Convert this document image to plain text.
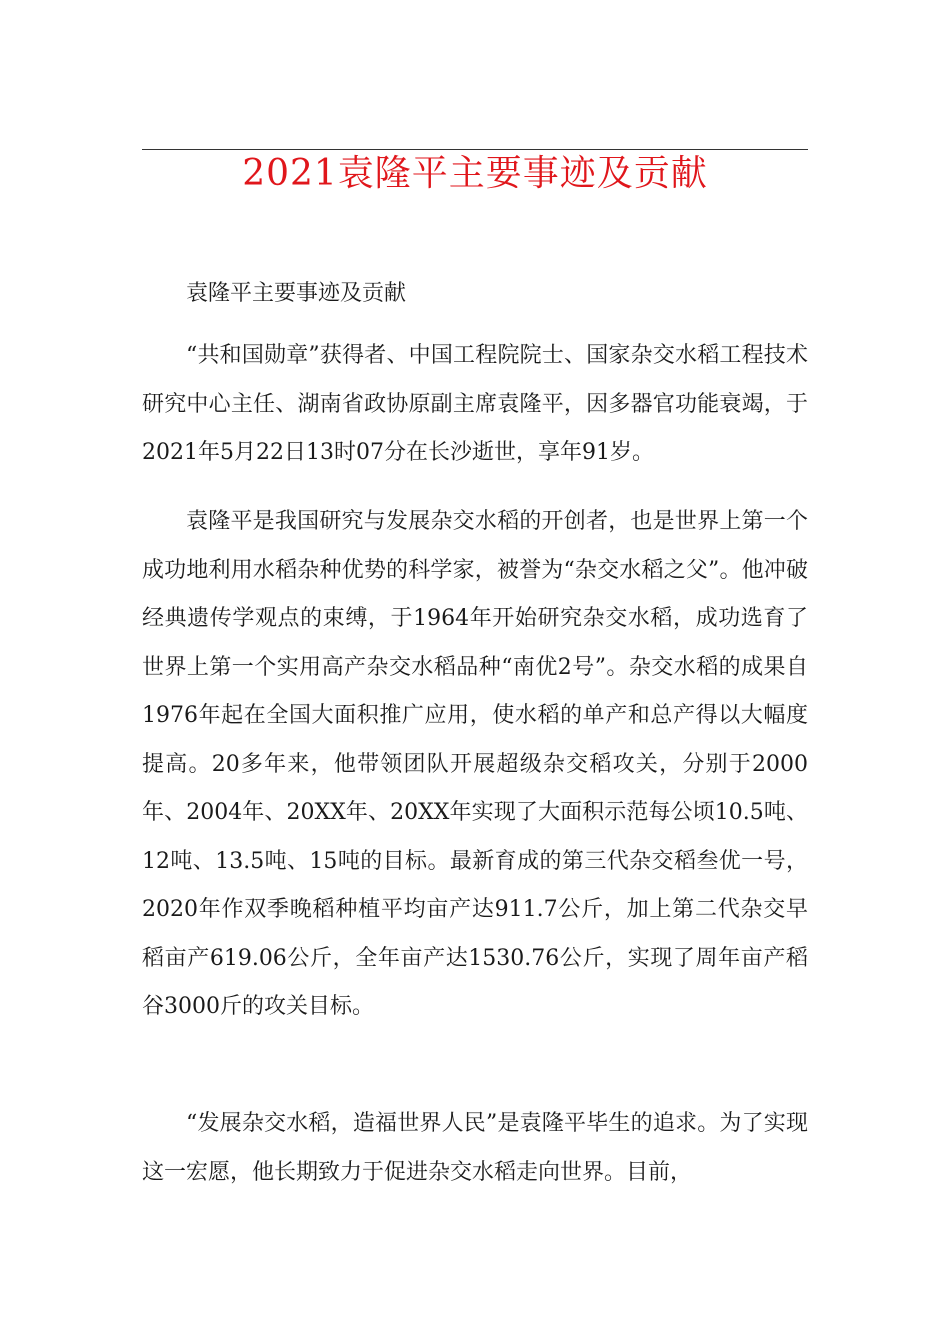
2021袁隆平主要事迹及贡献

袁隆平主要事迹及贡献

“共和国勋章”获得者、中国工程院院士、国家杂交水稻工程技术研究中心主任、湖南省政协原副主席袁隆平，因多器官功能衰竭，于2021年5月22日13时07分在长沙逝世，享年91岁。

袁隆平是我国研究与发展杂交水稻的开创者，也是世界上第一个成功地利用水稻杂种优势的科学家，被誉为“杂交水稻之父”。他冲破经典遗传学观点的束缚，于1964年开始研究杂交水稻，成功选育了世界上第一个实用高产杂交水稻品种“南优2号”。杂交水稻的成果自1976年起在全国大面积推广应用，使水稻的单产和总产得以大幅度提高。20多年来，他带领团队开展超级杂交稻攻关，分别于2000年、2004年、20XX年、20XX年实现了大面积示范每公顷10.5吨、12吨、13.5吨、15吨的目标。最新育成的第三代杂交稻叁优一号，2020年作双季晚稻种植平均亩产达911.7公斤，加上第二代杂交早稻亩产619.06公斤，全年亩产达1530.76公斤，实现了周年亩产稻谷3000斤的攻关目标。

“发展杂交水稻，造福世界人民”是袁隆平毕生的追求。为了实现这一宏愿，他长期致力于促进杂交水稻走向世界。目前，
